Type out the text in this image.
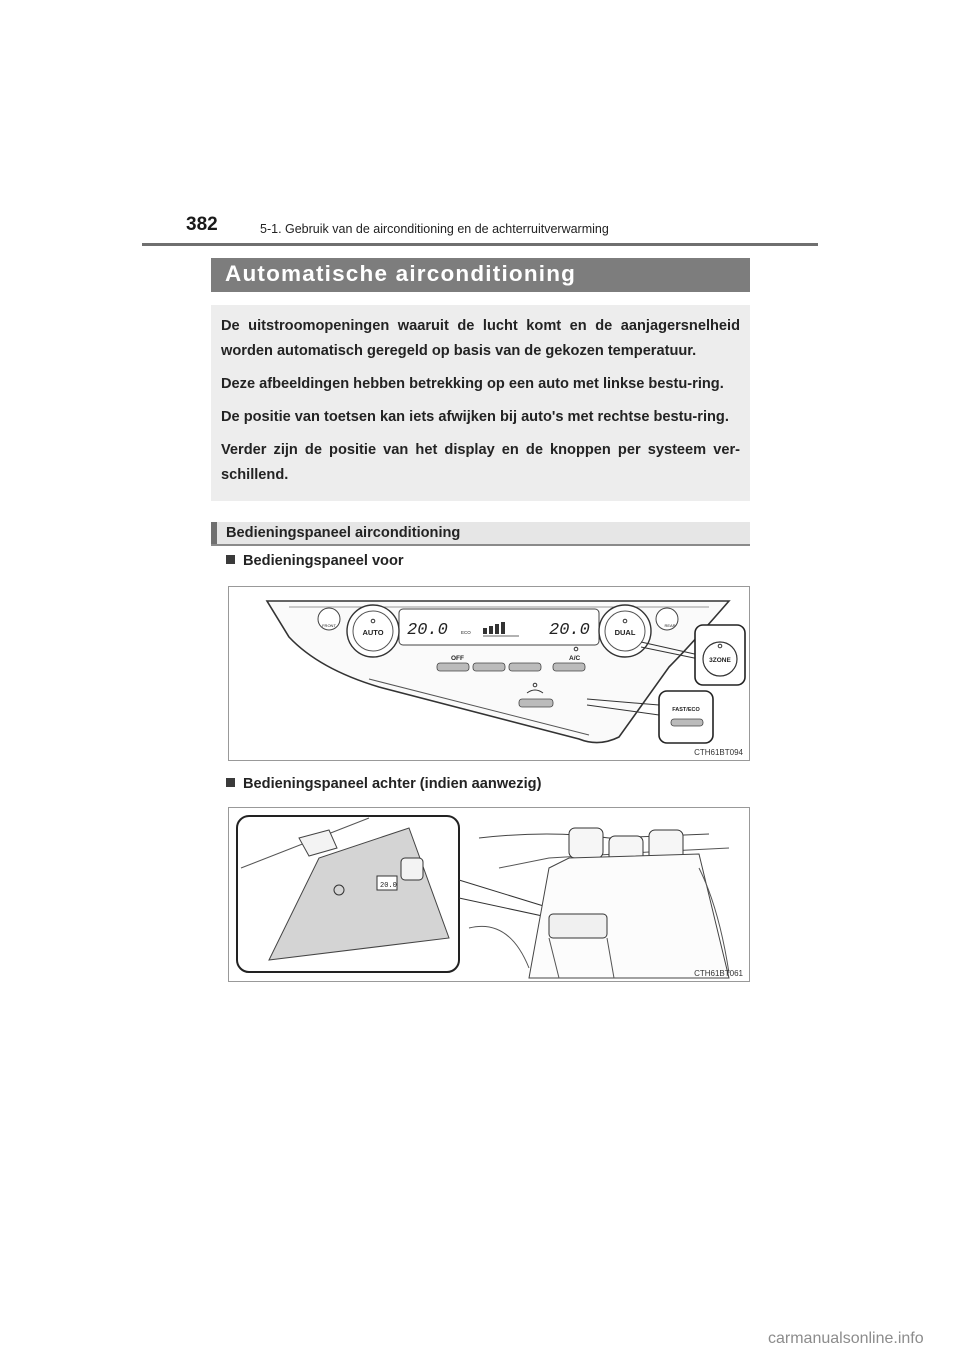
382	5-1. Gebruik van de airconditioning en de achterruitverwarming
Automatische airconditioning

De uitstroomopeningen waaruit de lucht komt en de aanjagersnelheid worden automatisch geregeld op basis van de gekozen temperatuur.

Deze afbeeldingen hebben betrekking op een auto met linkse bestu-ring.

De positie van toetsen kan iets afwijken bij auto's met rechtse bestu-ring.

Verder zijn de positie van het display en de knoppen per systeem ver-schillend.

Bedieningspaneel airconditioning
Bedieningspaneel voor
AUTO	DUAL
FRONT	REAR
20.0	20.0
ECO
OFF	A/C	3ZONE
FAST/ECO
CTH61BT094
Bedieningspaneel achter (indien aanwezig)
20.0
CTH61BT061
carmanualsonline.info
